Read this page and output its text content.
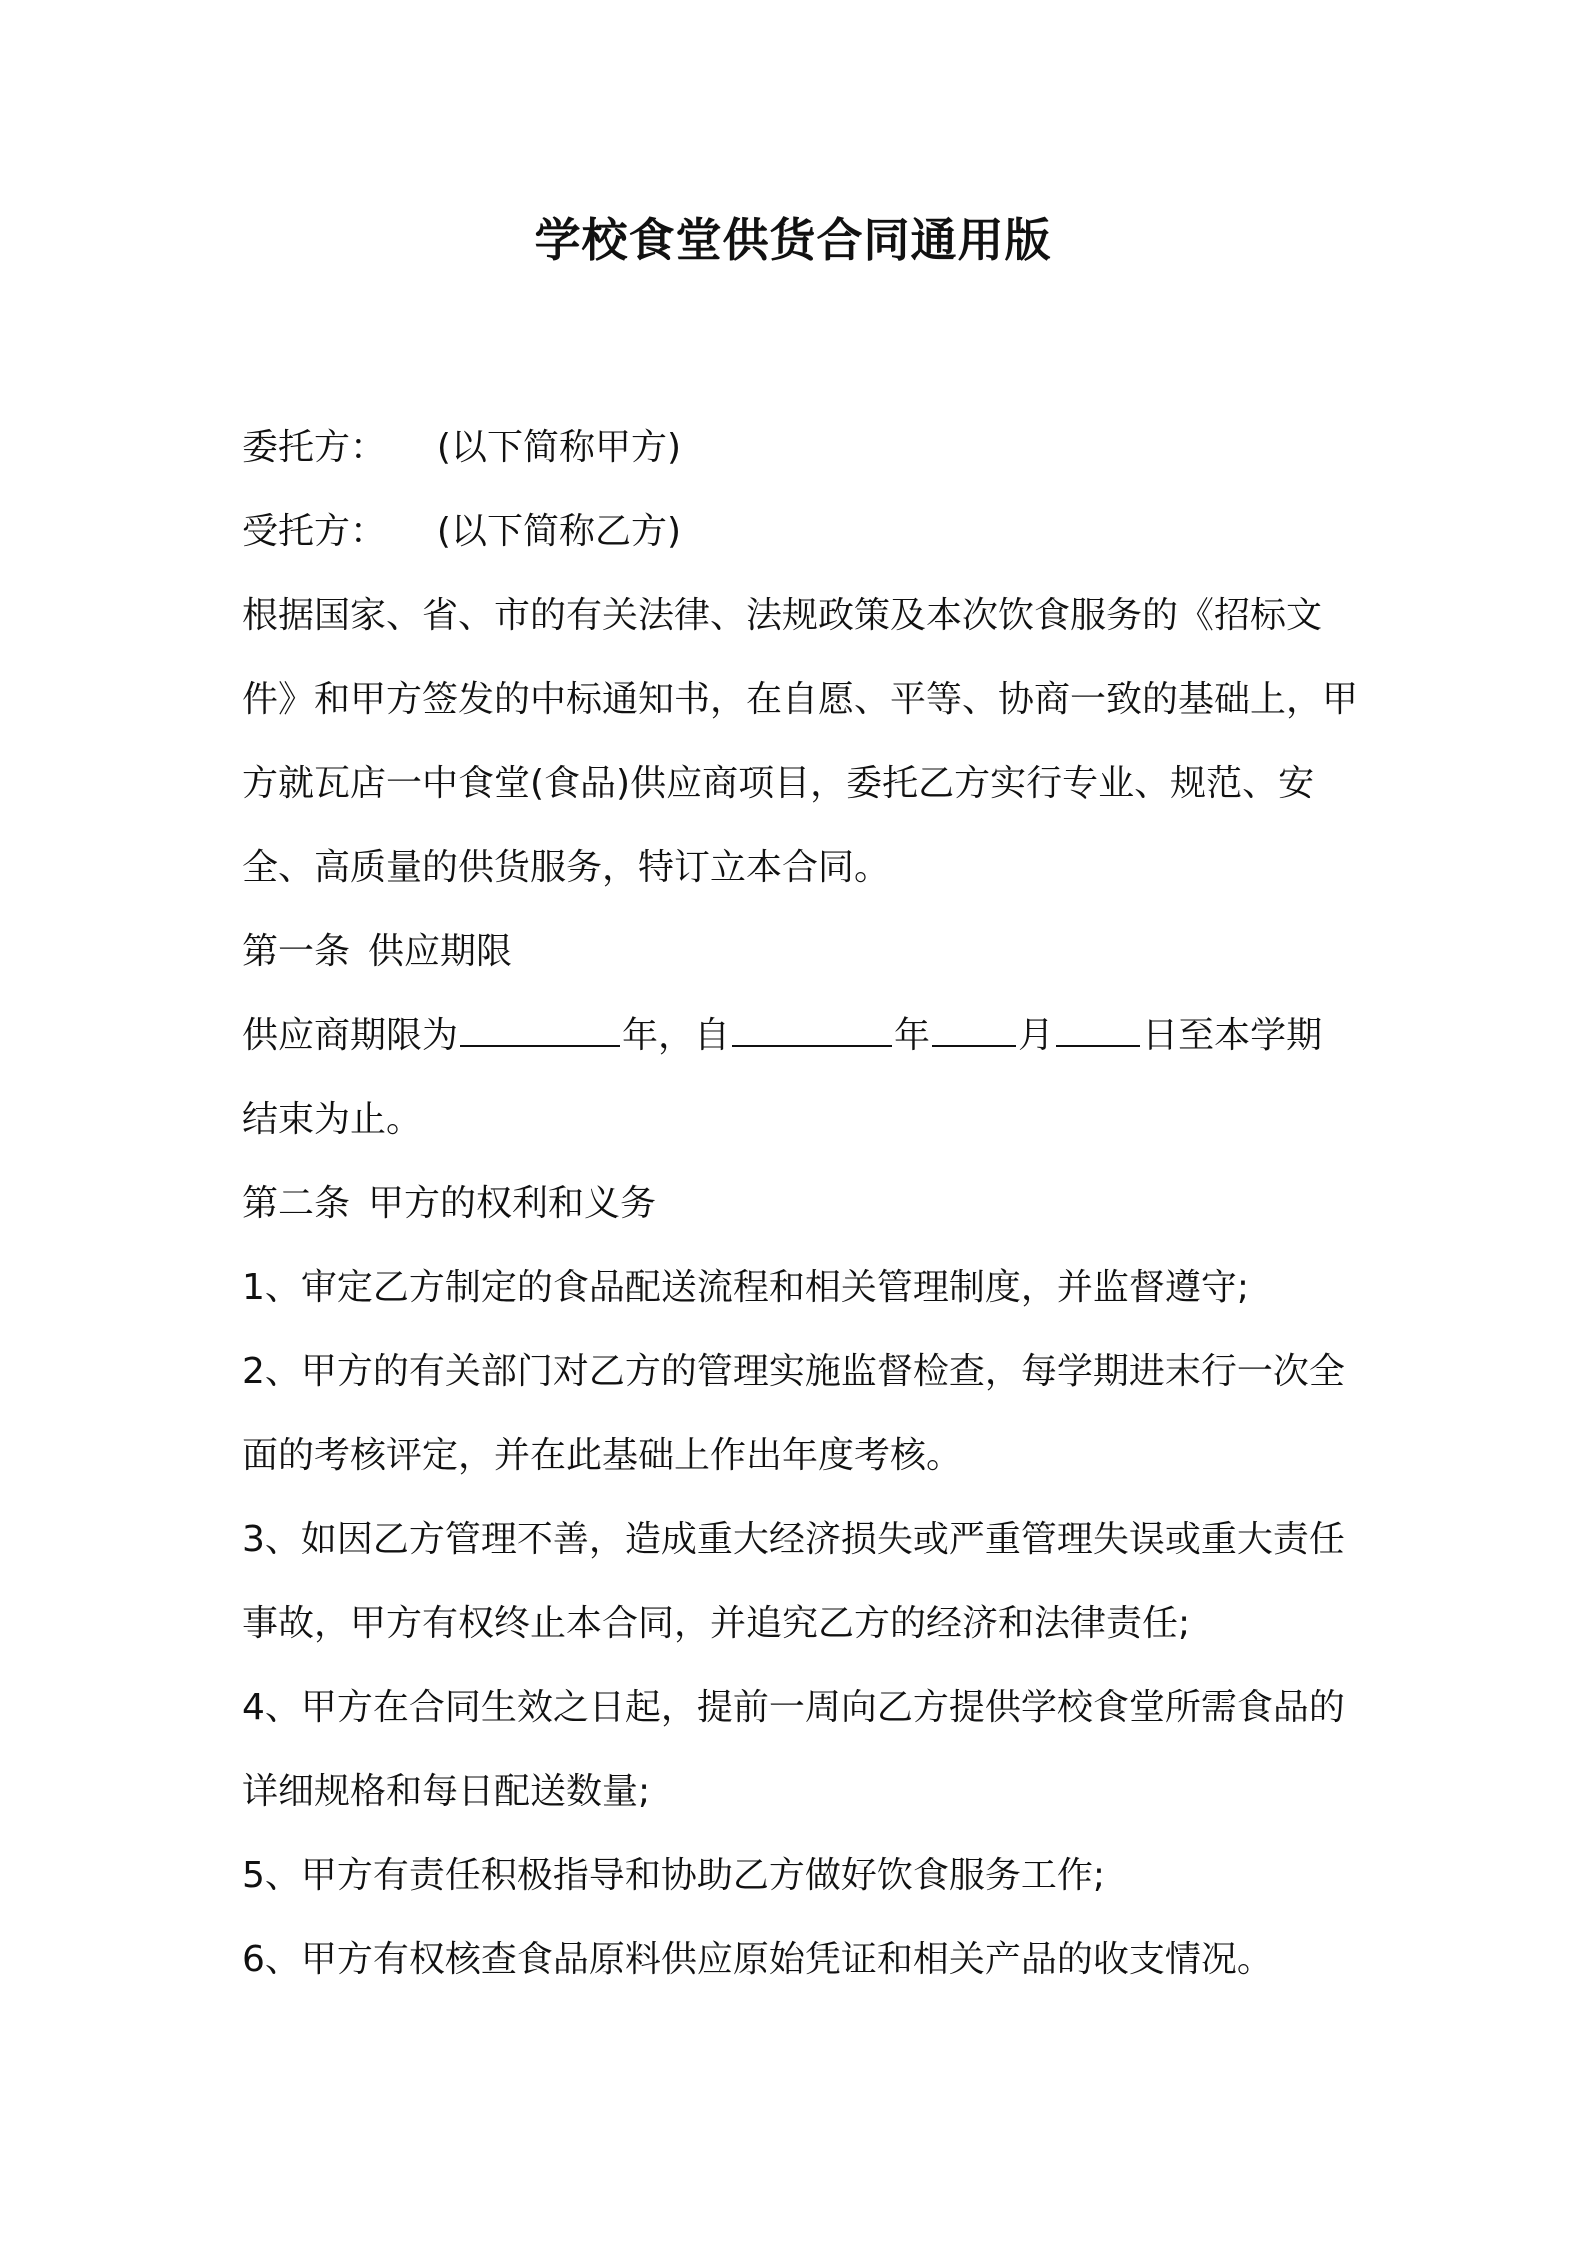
学校食堂供货合同通用版

委托方： (以下简称甲方)

受托方： (以下简称乙方)

根据国家、省、市的有关法律、法规政策及本次饮食服务的《招标文件》和甲方签发的中标通知书，在自愿、平等、协商一致的基础上，甲方就瓦店一中食堂(食品)供应商项目，委托乙方实行专业、规范、安全、高质量的供货服务，特订立本合同。

第一条 供应期限

供应商期限为	年，自	年 月 日至本学期

结束为止。

第二条 甲方的权利和义务

1、审定乙方制定的食品配送流程和相关管理制度，并监督遵守;

2、甲方的有关部门对乙方的管理实施监督检查，每学期进末行一次全面的考核评定，并在此基础上作出年度考核。

3、如因乙方管理不善，造成重大经济损失或严重管理失误或重大责任事故，甲方有权终止本合同，并追究乙方的经济和法律责任;

4、甲方在合同生效之日起，提前一周向乙方提供学校食堂所需食品的详细规格和每日配送数量;

5、甲方有责任积极指导和协助乙方做好饮食服务工作;

6、甲方有权核查食品原料供应原始凭证和相关产品的收支情况。
